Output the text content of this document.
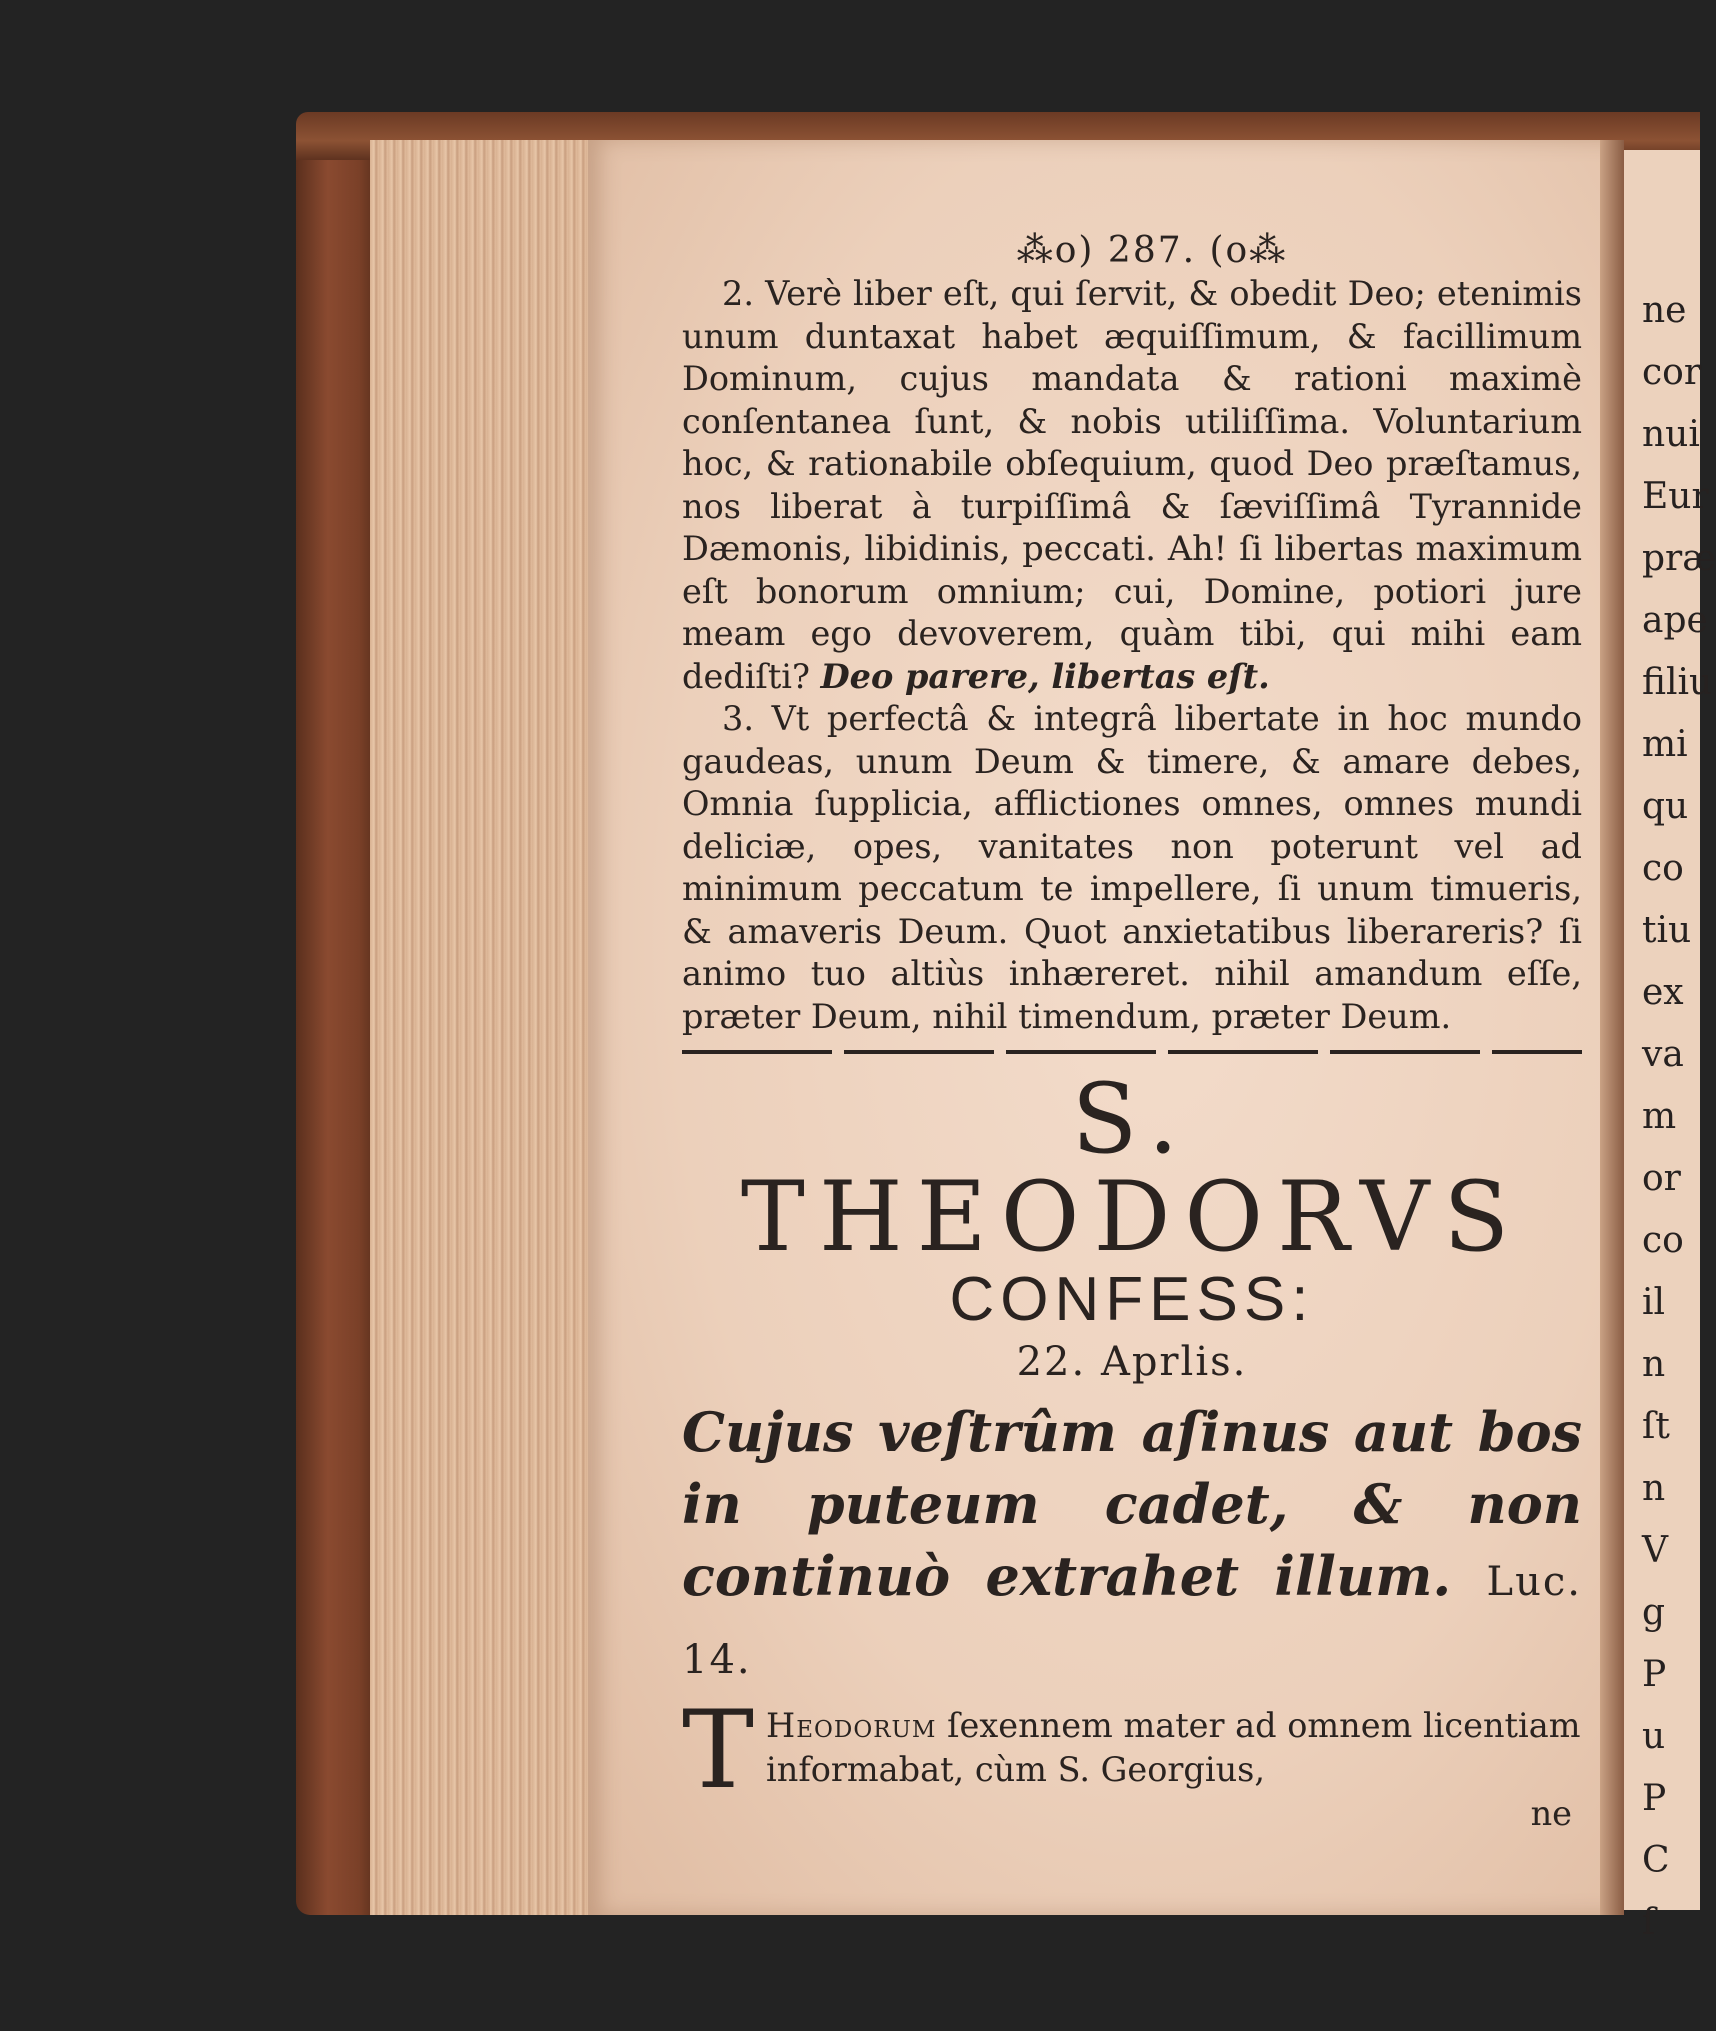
ne
cor
nui
Eur
præ
ape
filiu
mi
qu
co
tiu
ex
va
m
or
co
il
n
ſt
n
V
g
P
u
P
C
ſ
⁂o) 287. (o⁂

2. Verè liber eſt, qui ſervit, & obedit Deo; etenimis unum duntaxat habet æquiſſimum, & facillimum Dominum, cujus mandata & rationi maximè conſentanea ſunt, & nobis utiliſſima. Voluntarium hoc, & rationabile obſequium, quod Deo præſtamus, nos liberat à turpiſſimâ & ſæviſſimâ Tyrannide Dæmonis, libidinis, peccati. Ah! ſi libertas maximum eſt bonorum omnium; cui, Domine, potiori jure meam ego devoverem, quàm tibi, qui mihi eam dediſti? Deo parere, libertas eſt.

3. Vt perfectâ & integrâ libertate in hoc mundo gaudeas, unum Deum & timere, & amare debes, Omnia ſupplicia, afflictiones omnes, omnes mundi deliciæ, opes, vanitates non poterunt vel ad minimum peccatum te impellere, ſi unum timueris, & amaveris Deum. Quot anxietatibus liberareris? ſi animo tuo altiùs inhæreret. nihil amandum eſſe, præter Deum, nihil timendum, præter Deum.

S. THEODORVS
CONFESS:
22. Aprlis.
Cujus veſtrûm aſinus aut bos in puteum cadet, & non continuò extrahet illum. Luc. 14.
T Heodorum ſexennem mater ad omnem licentiam informabat, cùm S. Georgius,
ne
